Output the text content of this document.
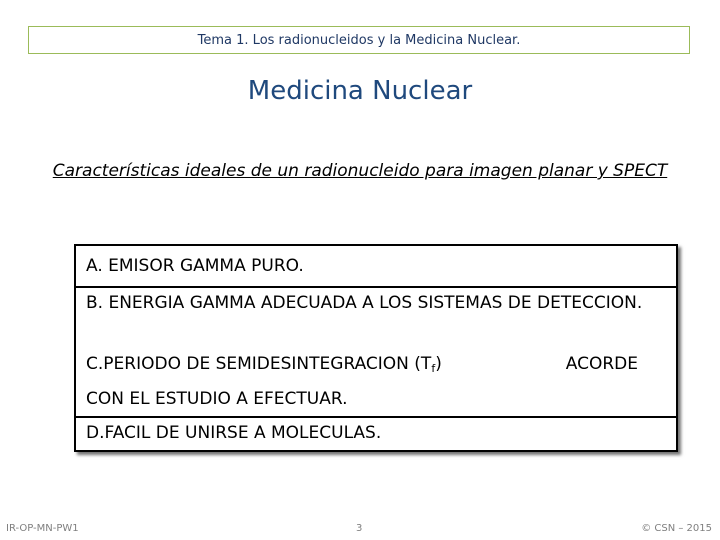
Tema 1. Los radionucleidos y la Medicina Nuclear.
Medicina Nuclear
Características ideales de un radionucleido para imagen planar y SPECT
A. EMISOR GAMMA PURO.
B. ENERGIA GAMMA ADECUADA A LOS SISTEMAS DE DETECCION.
C.PERIODO DE SEMIDESINTEGRACION $(T_f)$	ACORDE
CON EL ESTUDIO A EFECTUAR.
D.FACIL DE UNIRSE A MOLECULAS.
IR-OP-MN-PW1	3	© CSN – 2015
